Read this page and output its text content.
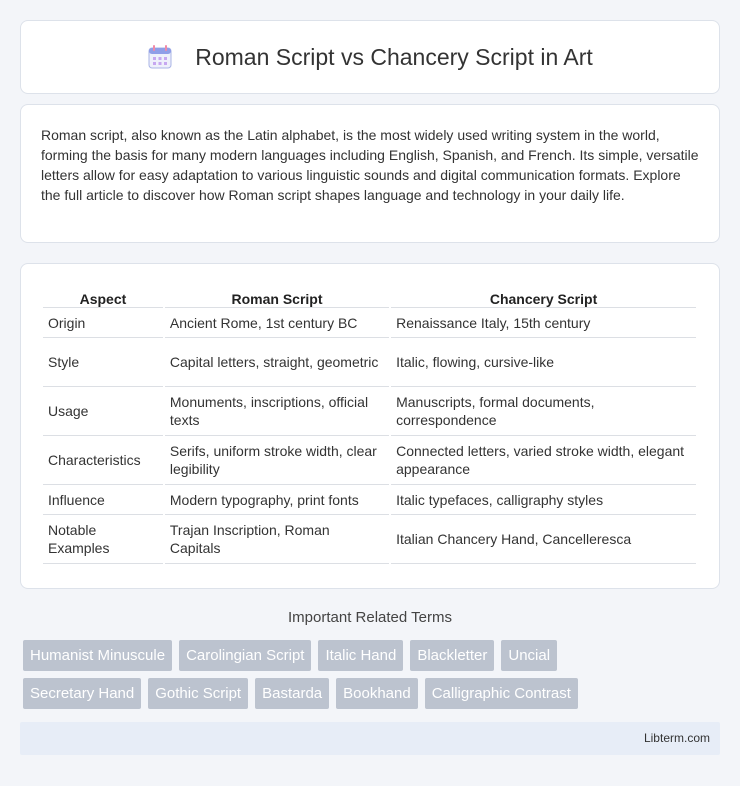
Roman Script vs Chancery Script in Art

Roman script, also known as the Latin alphabet, is the most widely used writing system in the world, forming the basis for many modern languages including English, Spanish, and French. Its simple, versatile letters allow for easy adaptation to various linguistic sounds and digital communication formats. Explore the full article to discover how Roman script shapes language and technology in your daily life.

Aspect	Roman Script	Chancery Script
Origin	Ancient Rome, 1st century BC	Renaissance Italy, 15th century
Style	Capital letters, straight, geometric	Italic, flowing, cursive-like
Usage	Monuments, inscriptions, official texts	Manuscripts, formal documents, correspondence
Characteristics	Serifs, uniform stroke width, clear legibility	Connected letters, varied stroke width, elegant appearance
Influence	Modern typography, print fonts	Italic typefaces, calligraphy styles
Notable Examples	Trajan Inscription, Roman Capitals	Italian Chancery Hand, Cancelleresca
Important Related Terms
Humanist Minuscule	Carolingian Script	Italic Hand	Blackletter	Uncial
Secretary Hand	Gothic Script	Bastarda	Bookhand	Calligraphic Contrast
Libterm.com
